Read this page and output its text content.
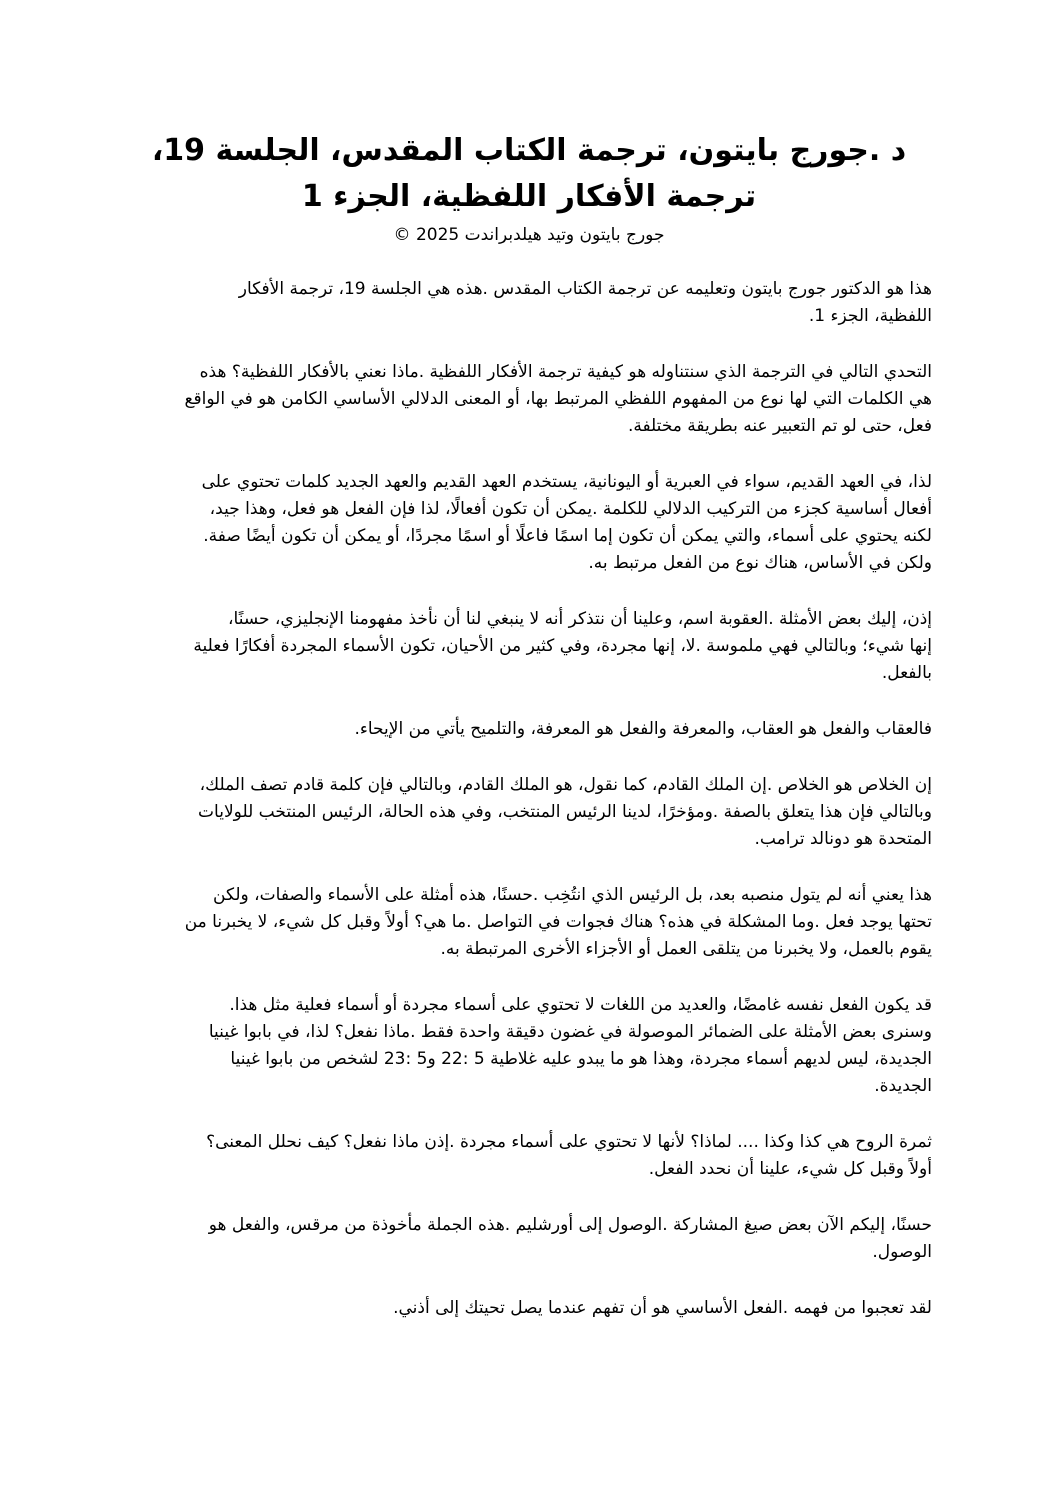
د .جورج بايتون، ترجمة الكتاب المقدس، الجلسة 19،
ترجمة الأفكار اللفظية، الجزء 1
جورج بايتون وتيد هيلدبراندت 2025 ©

هذا هو الدكتور جورج بايتون وتعليمه عن ترجمة الكتاب المقدس .هذه هي الجلسة 19، ترجمة الأفكار
اللفظية، الجزء 1.

التحدي التالي في الترجمة الذي سنتناوله هو كيفية ترجمة الأفكار اللفظية .ماذا نعني بالأفكار اللفظية؟ هذه
هي الكلمات التي لها نوع من المفهوم اللفظي المرتبط بها، أو المعنى الدلالي الأساسي الكامن هو في الواقع
فعل، حتى لو تم التعبير عنه بطريقة مختلفة.

لذا، في العهد القديم، سواء في العبرية أو اليونانية، يستخدم العهد القديم والعهد الجديد كلمات تحتوي على
أفعال أساسية كجزء من التركيب الدلالي للكلمة .يمكن أن تكون أفعالًا، لذا فإن الفعل هو فعل، وهذا جيد،
لكنه يحتوي على أسماء، والتي يمكن أن تكون إما اسمًا فاعلًا أو اسمًا مجردًا، أو يمكن أن تكون أيضًا صفة.
ولكن في الأساس، هناك نوع من الفعل مرتبط به.

إذن، إليك بعض الأمثلة .العقوبة اسم، وعلينا أن نتذكر أنه لا ينبغي لنا أن نأخذ مفهومنا الإنجليزي، حسنًا،
إنها شيء؛ وبالتالي فهي ملموسة .لا، إنها مجردة، وفي كثير من الأحيان، تكون الأسماء المجردة أفكارًا فعلية
بالفعل.

فالعقاب والفعل هو العقاب، والمعرفة والفعل هو المعرفة، والتلميح يأتي من الإيحاء.

إن الخلاص هو الخلاص .إن الملك القادم، كما نقول، هو الملك القادم، وبالتالي فإن كلمة قادم تصف الملك،
وبالتالي فإن هذا يتعلق بالصفة .ومؤخرًا، لدينا الرئيس المنتخب، وفي هذه الحالة، الرئيس المنتخب للولايات
المتحدة هو دونالد ترامب.

هذا يعني أنه لم يتول منصبه بعد، بل الرئيس الذي انتُخِب .حسنًا، هذه أمثلة على الأسماء والصفات، ولكن
تحتها يوجد فعل .وما المشكلة في هذه؟ هناك فجوات في التواصل .ما هي؟ أولاً وقبل كل شيء، لا يخبرنا من
يقوم بالعمل، ولا يخبرنا من يتلقى العمل أو الأجزاء الأخرى المرتبطة به.

قد يكون الفعل نفسه غامضًا، والعديد من اللغات لا تحتوي على أسماء مجردة أو أسماء فعلية مثل هذا.
وسنرى بعض الأمثلة على الضمائر الموصولة في غضون دقيقة واحدة فقط .ماذا نفعل؟ لذا، في بابوا غينيا
الجديدة، ليس لديهم أسماء مجردة، وهذا هو ما يبدو عليه غلاطية 5 :22 و5 :23 لشخص من بابوا غينيا
الجديدة.

ثمرة الروح هي كذا وكذا .... لماذا؟ لأنها لا تحتوي على أسماء مجردة .إذن ماذا نفعل؟ كيف نحلل المعنى؟
أولاً وقبل كل شيء، علينا أن نحدد الفعل.

حسنًا، إليكم الآن بعض صيغ المشاركة .الوصول إلى أورشليم .هذه الجملة مأخوذة من مرقس، والفعل هو
الوصول.

لقد تعجبوا من فهمه .الفعل الأساسي هو أن تفهم عندما يصل تحيتك إلى أذني.
